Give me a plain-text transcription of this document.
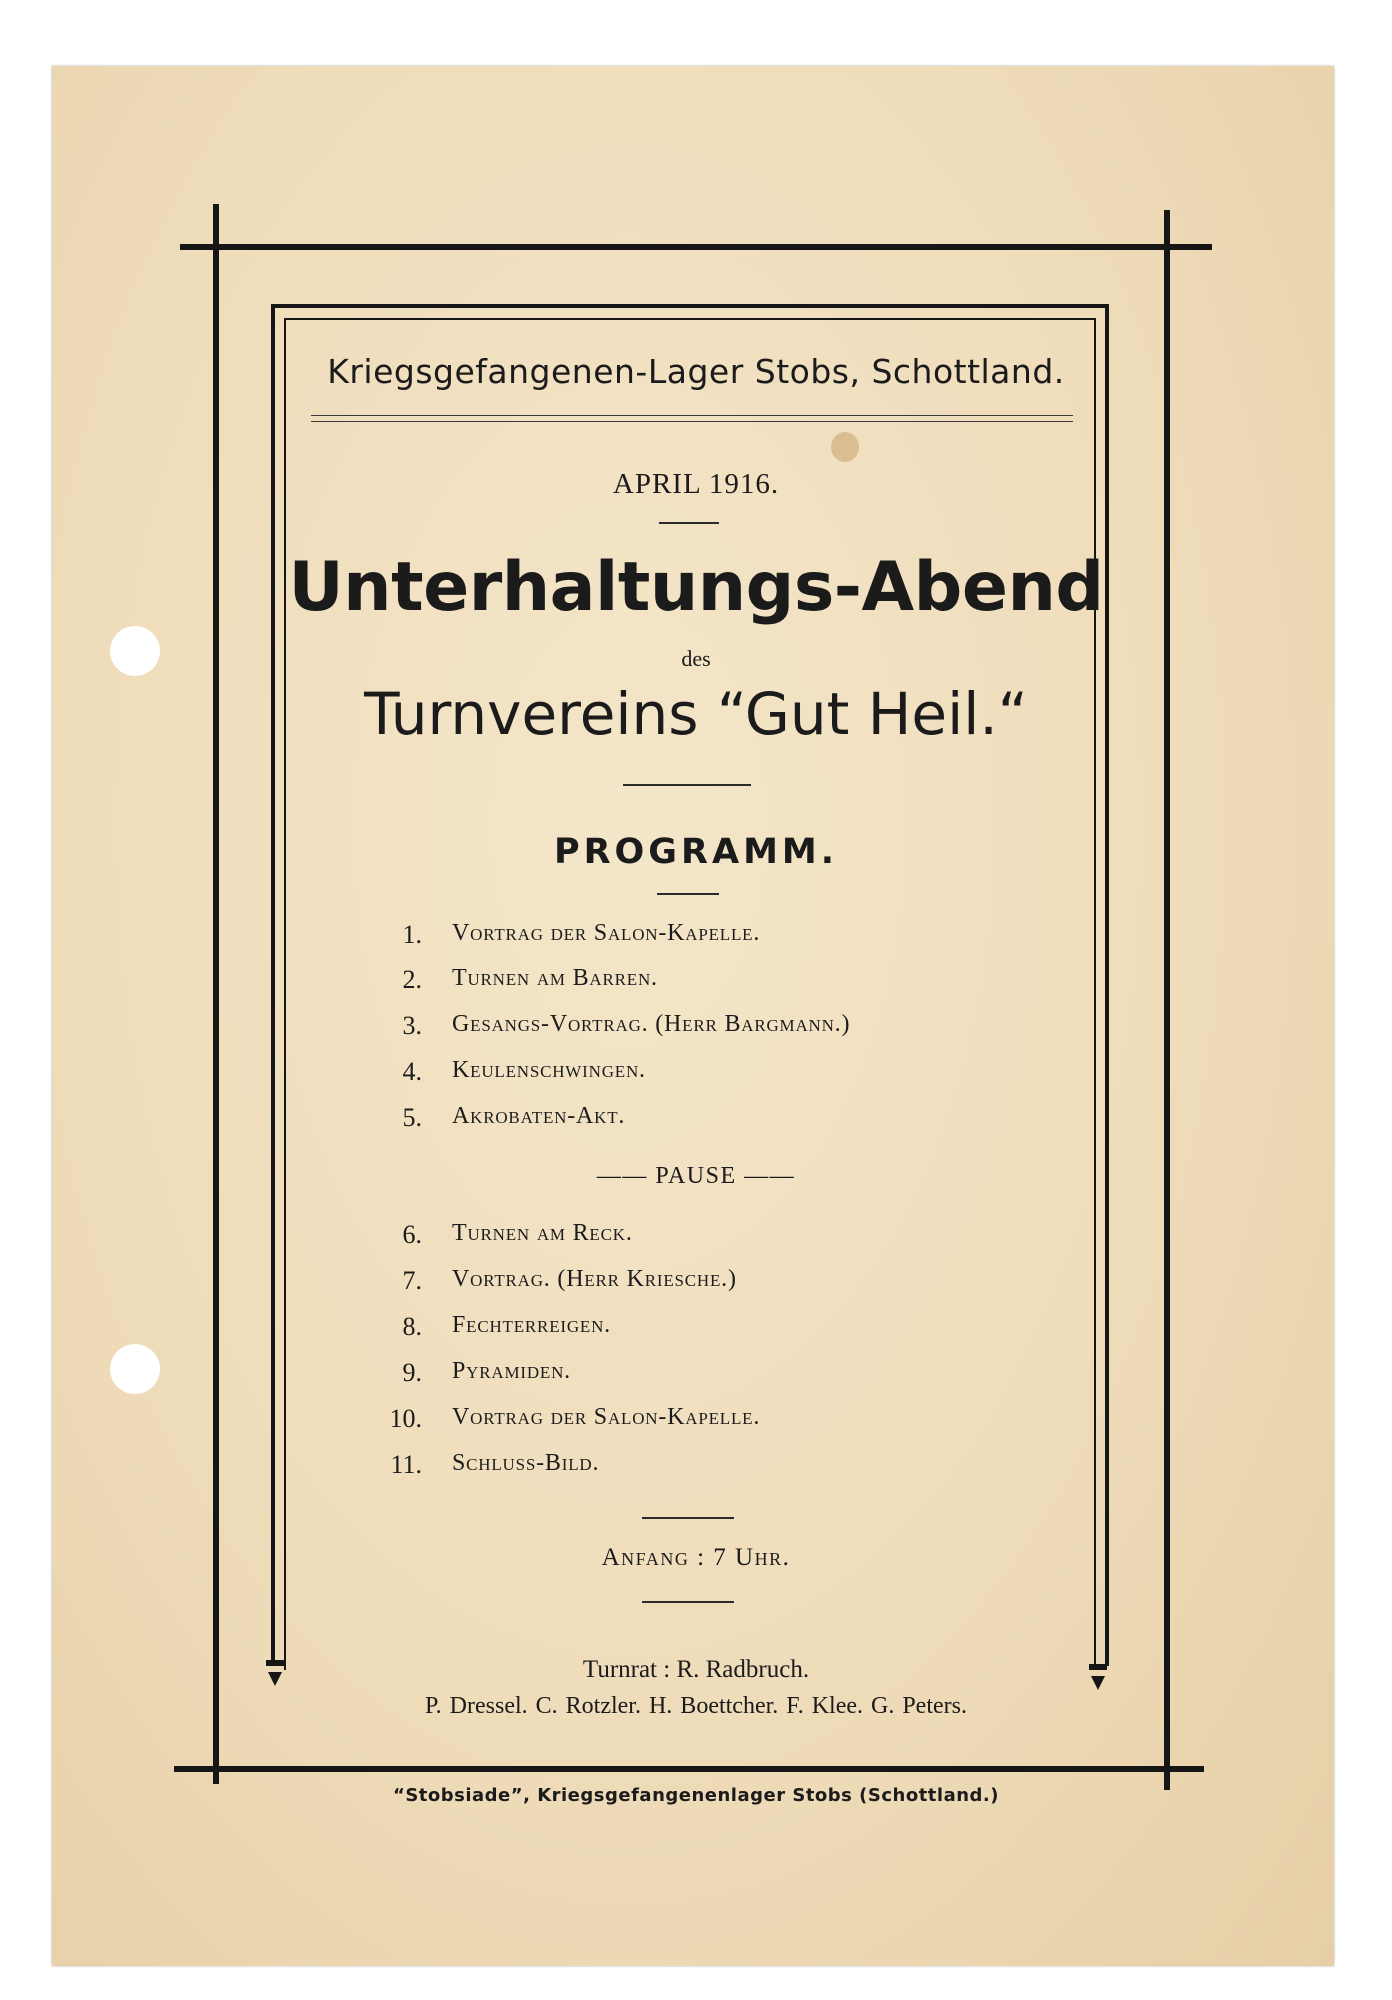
Kriegsgefangenen-Lager Stobs, Schottland.
APRIL 1916.
Unterhaltungs-Abend
des
Turnvereins “Gut Heil.“
PROGRAMM.
1. Vortrag der Salon-Kapelle.
2. Turnen am Barren.
3. Gesangs-Vortrag. (Herr Bargmann.)
4. Keulenschwingen.
5. Akrobaten-Akt.
—— PAUSE ——
6. Turnen am Reck.
7. Vortrag. (Herr Kriesche.)
8. Fechterreigen.
9. Pyramiden.
10. Vortrag der Salon-Kapelle.
11. Schluss-Bild.
Anfang : 7 Uhr.
Turnrat : R. Radbruch.
P. Dressel. C. Rotzler. H. Boettcher. F. Klee. G. Peters.
“Stobsiade”, Kriegsgefangenenlager Stobs (Schottland.)
